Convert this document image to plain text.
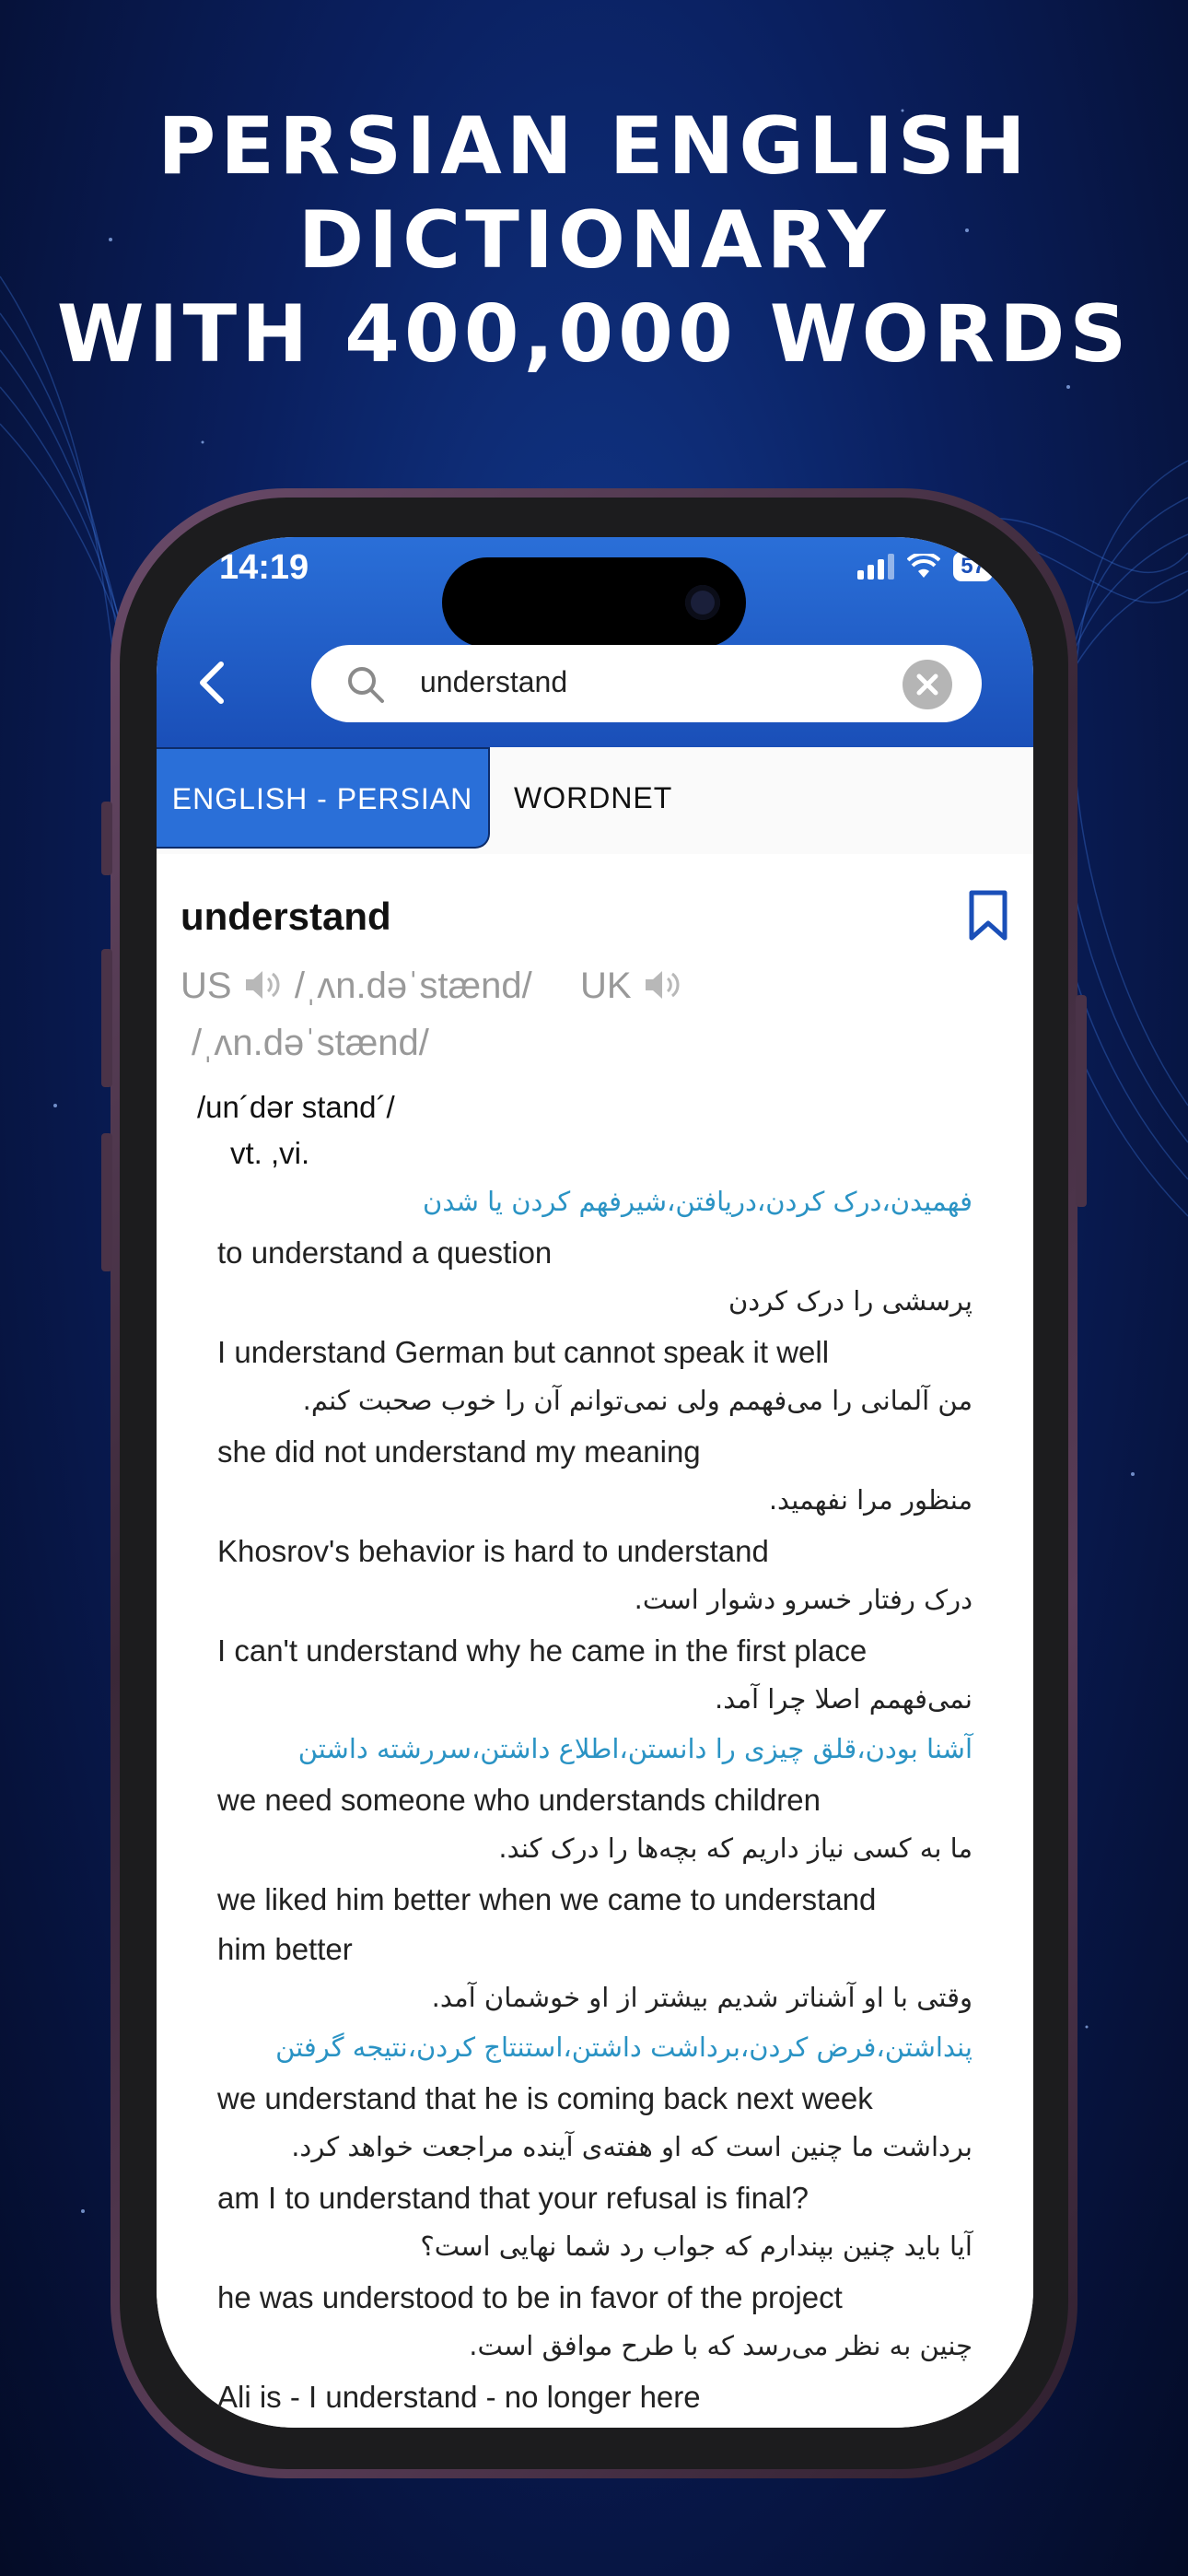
PERSIAN ENGLISH
DICTIONARY
WITH 400,000 WORDS
14:19	57
understand
ENGLISH - PERSIAN	WORDNET
understand
US /ˌʌn.dəˈstænd/ UK
/ˌʌn.dəˈstænd/
/un´dər stand´/
vt. ,vi.
فهمیدن،درک کردن،دریافتن،شیرفهم کردن یا شدن
to understand a question
پرسشی را درک کردن
I understand German but cannot speak it well
من آلمانی را می‌فهمم ولی نمی‌توانم آن را خوب صحبت کنم.
she did not understand my meaning
منظور مرا نفهمید.
Khosrov's behavior is hard to understand
درک رفتار خسرو دشوار است.
I can't understand why he came in the first place
نمی‌فهمم اصلا چرا آمد.
آشنا بودن،قلق چیزی را دانستن،اطلاع داشتن،سررشته داشتن
we need someone who understands children
ما به کسی نیاز داریم که بچه‌ها را درک کند.
we liked him better when we came to understand
him better
وقتی با او آشناتر شدیم بیشتر از او خوشمان آمد.
پنداشتن،فرض کردن،برداشت داشتن،استنتاج کردن،نتیجه گرفتن
we understand that he is coming back next week
برداشت ما چنین است که او هفته‌ی آینده مراجعت خواهد کرد.
am I to understand that your refusal is final?
آیا باید چنین بپندارم که جواب رد شما نهایی است؟
he was understood to be in favor of the project
چنین به نظر می‌رسد که با طرح موافق است.
Ali is - I understand - no longer here
